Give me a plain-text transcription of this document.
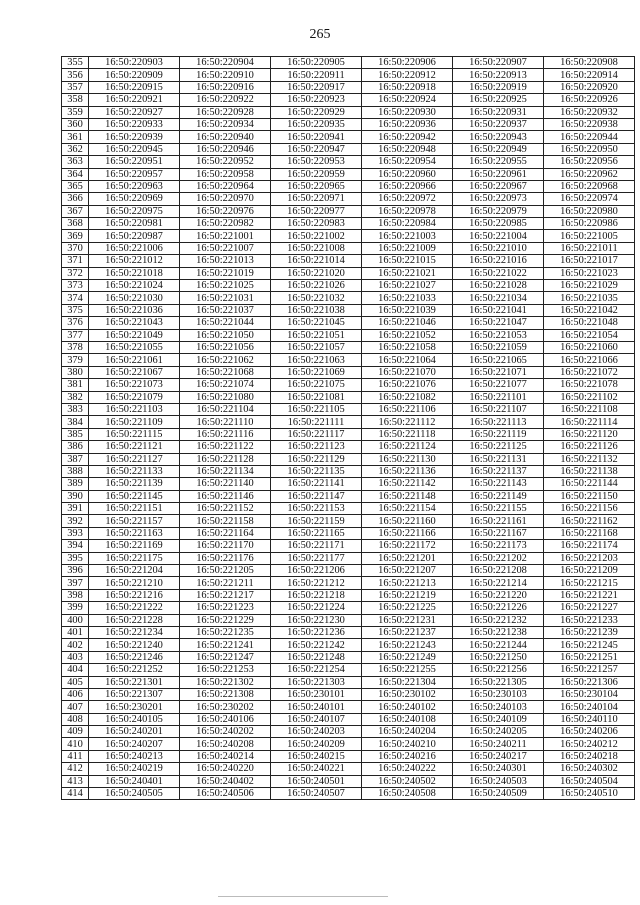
265
355	16:50:220903	16:50:220904	16:50:220905	16:50:220906	16:50:220907	16:50:220908
356	16:50:220909	16:50:220910	16:50:220911	16:50:220912	16:50:220913	16:50:220914
357	16:50:220915	16:50:220916	16:50:220917	16:50:220918	16:50:220919	16:50:220920
358	16:50:220921	16:50:220922	16:50:220923	16:50:220924	16:50:220925	16:50:220926
359	16:50:220927	16:50:220928	16:50:220929	16:50:220930	16:50:220931	16:50:220932
360	16:50:220933	16:50:220934	16:50:220935	16:50:220936	16:50:220937	16:50:220938
361	16:50:220939	16:50:220940	16:50:220941	16:50:220942	16:50:220943	16:50:220944
362	16:50:220945	16:50:220946	16:50:220947	16:50:220948	16:50:220949	16:50:220950
363	16:50:220951	16:50:220952	16:50:220953	16:50:220954	16:50:220955	16:50:220956
364	16:50:220957	16:50:220958	16:50:220959	16:50:220960	16:50:220961	16:50:220962
365	16:50:220963	16:50:220964	16:50:220965	16:50:220966	16:50:220967	16:50:220968
366	16:50:220969	16:50:220970	16:50:220971	16:50:220972	16:50:220973	16:50:220974
367	16:50:220975	16:50:220976	16:50:220977	16:50:220978	16:50:220979	16:50:220980
368	16:50:220981	16:50:220982	16:50:220983	16:50:220984	16:50:220985	16:50:220986
369	16:50:220987	16:50:221001	16:50:221002	16:50:221003	16:50:221004	16:50:221005
370	16:50:221006	16:50:221007	16:50:221008	16:50:221009	16:50:221010	16:50:221011
371	16:50:221012	16:50:221013	16:50:221014	16:50:221015	16:50:221016	16:50:221017
372	16:50:221018	16:50:221019	16:50:221020	16:50:221021	16:50:221022	16:50:221023
373	16:50:221024	16:50:221025	16:50:221026	16:50:221027	16:50:221028	16:50:221029
374	16:50:221030	16:50:221031	16:50:221032	16:50:221033	16:50:221034	16:50:221035
375	16:50:221036	16:50:221037	16:50:221038	16:50:221039	16:50:221041	16:50:221042
376	16:50:221043	16:50:221044	16:50:221045	16:50:221046	16:50:221047	16:50:221048
377	16:50:221049	16:50:221050	16:50:221051	16:50:221052	16:50:221053	16:50:221054
378	16:50:221055	16:50:221056	16:50:221057	16:50:221058	16:50:221059	16:50:221060
379	16:50:221061	16:50:221062	16:50:221063	16:50:221064	16:50:221065	16:50:221066
380	16:50:221067	16:50:221068	16:50:221069	16:50:221070	16:50:221071	16:50:221072
381	16:50:221073	16:50:221074	16:50:221075	16:50:221076	16:50:221077	16:50:221078
382	16:50:221079	16:50:221080	16:50:221081	16:50:221082	16:50:221101	16:50:221102
383	16:50:221103	16:50:221104	16:50:221105	16:50:221106	16:50:221107	16:50:221108
384	16:50:221109	16:50:221110	16:50:221111	16:50:221112	16:50:221113	16:50:221114
385	16:50:221115	16:50:221116	16:50:221117	16:50:221118	16:50:221119	16:50:221120
386	16:50:221121	16:50:221122	16:50:221123	16:50:221124	16:50:221125	16:50:221126
387	16:50:221127	16:50:221128	16:50:221129	16:50:221130	16:50:221131	16:50:221132
388	16:50:221133	16:50:221134	16:50:221135	16:50:221136	16:50:221137	16:50:221138
389	16:50:221139	16:50:221140	16:50:221141	16:50:221142	16:50:221143	16:50:221144
390	16:50:221145	16:50:221146	16:50:221147	16:50:221148	16:50:221149	16:50:221150
391	16:50:221151	16:50:221152	16:50:221153	16:50:221154	16:50:221155	16:50:221156
392	16:50:221157	16:50:221158	16:50:221159	16:50:221160	16:50:221161	16:50:221162
393	16:50:221163	16:50:221164	16:50:221165	16:50:221166	16:50:221167	16:50:221168
394	16:50:221169	16:50:221170	16:50:221171	16:50:221172	16:50:221173	16:50:221174
395	16:50:221175	16:50:221176	16:50:221177	16:50:221201	16:50:221202	16:50:221203
396	16:50:221204	16:50:221205	16:50:221206	16:50:221207	16:50:221208	16:50:221209
397	16:50:221210	16:50:221211	16:50:221212	16:50:221213	16:50:221214	16:50:221215
398	16:50:221216	16:50:221217	16:50:221218	16:50:221219	16:50:221220	16:50:221221
399	16:50:221222	16:50:221223	16:50:221224	16:50:221225	16:50:221226	16:50:221227
400	16:50:221228	16:50:221229	16:50:221230	16:50:221231	16:50:221232	16:50:221233
401	16:50:221234	16:50:221235	16:50:221236	16:50:221237	16:50:221238	16:50:221239
402	16:50:221240	16:50:221241	16:50:221242	16:50:221243	16:50:221244	16:50:221245
403	16:50:221246	16:50:221247	16:50:221248	16:50:221249	16:50:221250	16:50:221251
404	16:50:221252	16:50:221253	16:50:221254	16:50:221255	16:50:221256	16:50:221257
405	16:50:221301	16:50:221302	16:50:221303	16:50:221304	16:50:221305	16:50:221306
406	16:50:221307	16:50:221308	16:50:230101	16:50:230102	16:50:230103	16:50:230104
407	16:50:230201	16:50:230202	16:50:240101	16:50:240102	16:50:240103	16:50:240104
408	16:50:240105	16:50:240106	16:50:240107	16:50:240108	16:50:240109	16:50:240110
409	16:50:240201	16:50:240202	16:50:240203	16:50:240204	16:50:240205	16:50:240206
410	16:50:240207	16:50:240208	16:50:240209	16:50:240210	16:50:240211	16:50:240212
411	16:50:240213	16:50:240214	16:50:240215	16:50:240216	16:50:240217	16:50:240218
412	16:50:240219	16:50:240220	16:50:240221	16:50:240222	16:50:240301	16:50:240302
413	16:50:240401	16:50:240402	16:50:240501	16:50:240502	16:50:240503	16:50:240504
414	16:50:240505	16:50:240506	16:50:240507	16:50:240508	16:50:240509	16:50:240510
